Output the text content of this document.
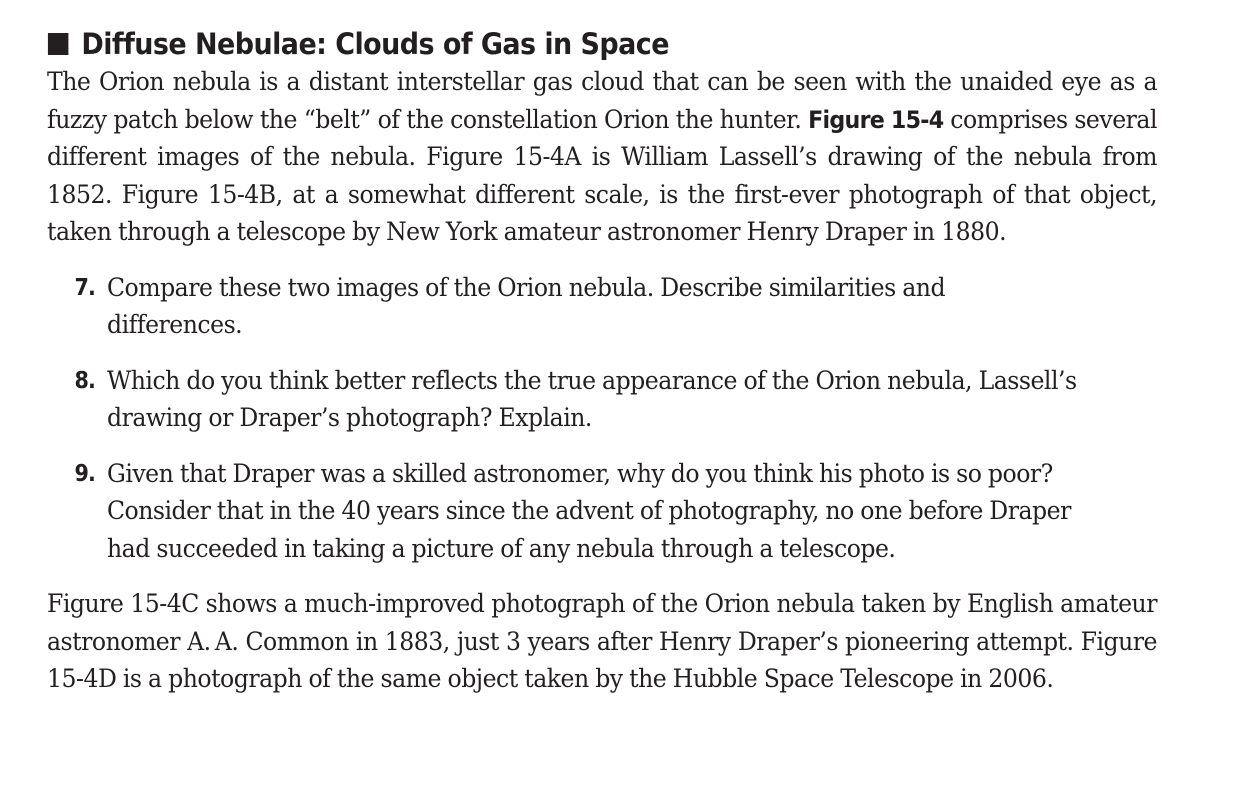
Diffuse Nebulae: Clouds of Gas in Space

The Orion nebula is a distant interstellar gas cloud that can be seen with the unaided eye as a fuzzy patch below the “belt” of the constellation Orion the hunter. Figure 15-4 comprises several different images of the nebula. Figure 15-4A is William Lassell’s drawing of the nebula from 1852. Figure 15-4B, at a somewhat different scale, is the first-ever photograph of that object, taken through a telescope by New York amateur astronomer Henry Draper in 1880.

7. Compare these two images of the Orion nebula. Describe similarities and differences.
8. Which do you think better reflects the true appearance of the Orion nebula, Lassell’s drawing or Draper’s photograph? Explain.
9. Given that Draper was a skilled astronomer, why do you think his photo is so poor? Consider that in the 40 years since the advent of photography, no one before Draper had succeeded in taking a picture of any nebula through a telescope.

Figure 15-4C shows a much-improved photograph of the Orion nebula taken by English amateur astronomer A. A. Common in 1883, just 3 years after Henry Draper’s pioneering attempt. Figure 15-4D is a photograph of the same object taken by the Hubble Space Telescope in 2006.
